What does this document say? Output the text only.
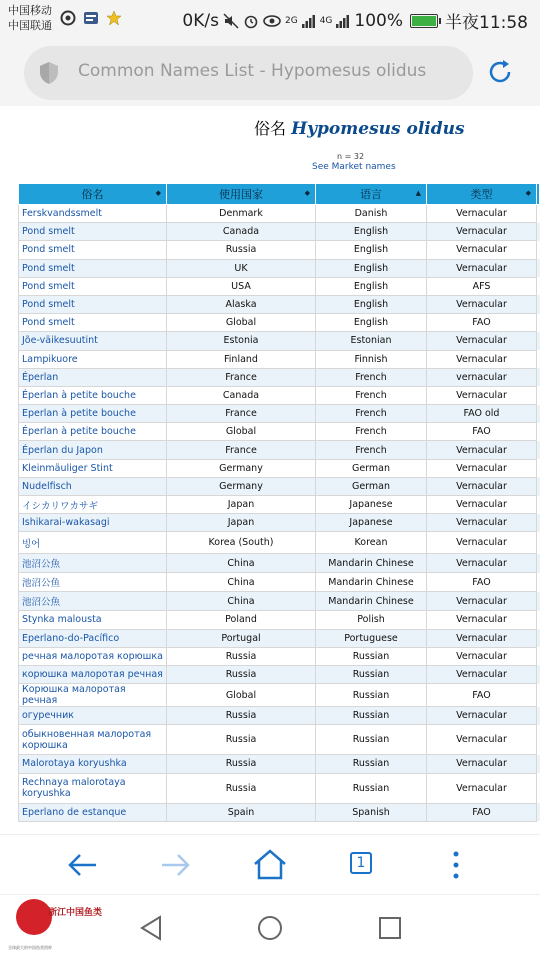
中国移动
中国联通	0K/s	2G 4G 100% 半夜11:58
Common Names List - Hypomesus olidus
俗名 Hypomesus olidus
n = 32
See Market names
俗名 ◆	使用国家 ◆	语言 ▲	类型 ◆	

Ferskvandssmelt	Denmark	Danish	Vernacular	
Pond smelt	Canada	English	Vernacular	
Pond smelt	Russia	English	Vernacular	
Pond smelt	UK	English	Vernacular	
Pond smelt	USA	English	AFS	
Pond smelt	Alaska	English	Vernacular	
Pond smelt	Global	English	FAO	
Jõe-väikesuutint	Estonia	Estonian	Vernacular	
Lampikuore	Finland	Finnish	Vernacular	
Éperlan	France	French	vernacular	
Éperlan à petite bouche	Canada	French	Vernacular	
Eperlan à petite bouche	France	French	FAO old	
Éperlan à petite bouche	Global	French	FAO	
Éperlan du Japon	France	French	Vernacular	
Kleinmäuliger Stint	Germany	German	Vernacular	
Nudelfisch	Germany	German	Vernacular	
イシカリワカサギ	Japan	Japanese	Vernacular	
Ishikarai-wakasagi	Japan	Japanese	Vernacular	
빙어	Korea (South)	Korean	Vernacular	
池沼公魚	China	Mandarin Chinese	Vernacular	
池沼公鱼	China	Mandarin Chinese	FAO	
池沼公魚	China	Mandarin Chinese	Vernacular	
Stynka malousta	Poland	Polish	Vernacular	
Eperlano-do-Pacífico	Portugal	Portuguese	Vernacular	
речная малоротая корюшка	Russia	Russian	Vernacular	
корюшка малоротая речная	Russia	Russian	Vernacular	
Корюшка малоротая речная	Global	Russian	FAO	
огуречник	Russia	Russian	Vernacular	
обыкновенная малоротая корюшка	Russia	Russian	Vernacular	
Malorotaya koryushka	Russia	Russian	Vernacular	
Rechnaya malorotaya koryushka	Russia	Russian	Vernacular	
Eperlano de estanque	Spain	Spanish	FAO	
1
浙江中国鱼类
全球最大的中国鱼类图库
